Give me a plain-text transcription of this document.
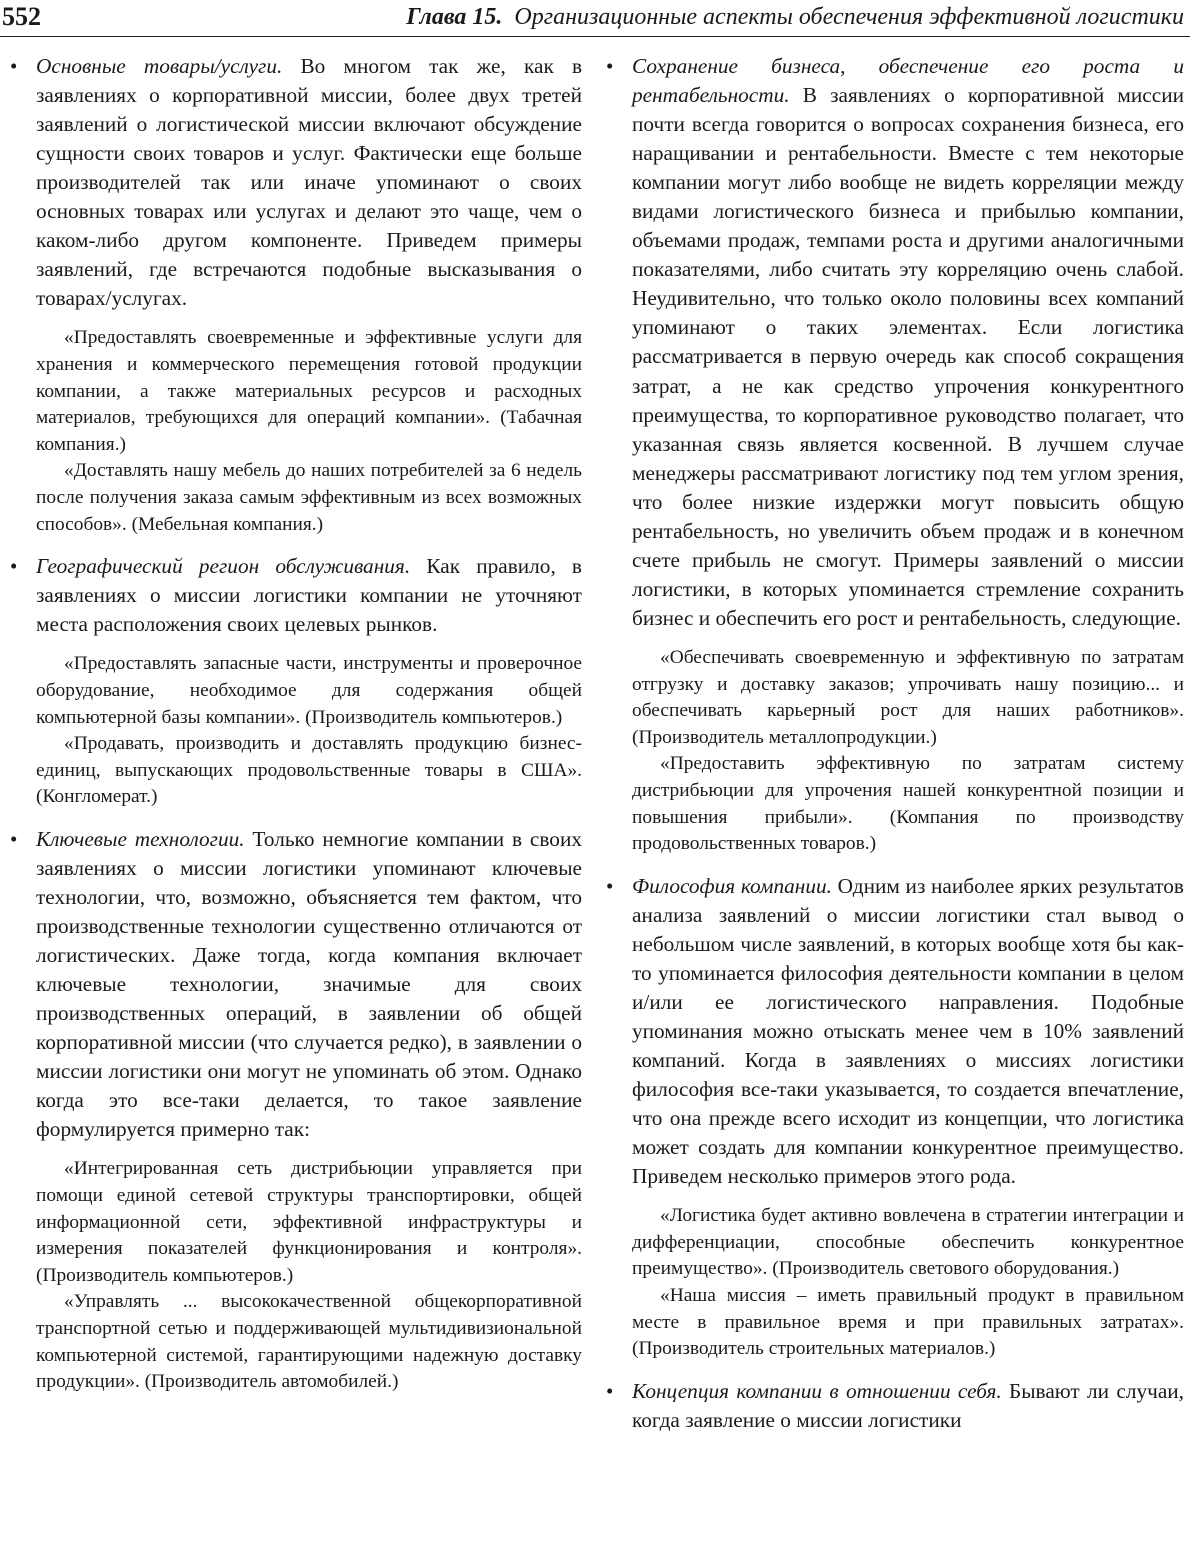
552	Глава 15. Организационные аспекты обеспечения эффективной логистики

• Основные товары/услуги. Во многом так же, как в заявлениях о корпоративной миссии, более двух третей заявлений о логистической миссии включают обсуждение сущности своих товаров и услуг. Фактически еще больше производителей так или иначе упоминают о своих основных товарах или услугах и делают это чаще, чем о каком-либо другом компоненте. Приведем примеры заявлений, где встречаются подобные высказывания о товарах/услугах.

«Предоставлять своевременные и эффективные услуги для хранения и коммерческого перемещения готовой продукции компании, а также материальных ресурсов и расходных материалов, требующихся для операций компании». (Табачная компания.)

«Доставлять нашу мебель до наших потребителей за 6 недель после получения заказа самым эффективным из всех возможных способов». (Мебельная компания.)

• Географический регион обслуживания. Как правило, в заявлениях о миссии логистики компании не уточняют места расположения своих целевых рынков.

«Предоставлять запасные части, инструменты и проверочное оборудование, необходимое для содержания общей компьютерной базы компании». (Производитель компьютеров.)

«Продавать, производить и доставлять продукцию бизнес-единиц, выпускающих продовольственные товары в США». (Конгломерат.)

• Ключевые технологии. Только немногие компании в своих заявлениях о миссии логистики упоминают ключевые технологии, что, возможно, объясняется тем фактом, что производственные технологии существенно отличаются от логистических. Даже тогда, когда компания включает ключевые технологии, значимые для своих производственных операций, в заявлении об общей корпоративной миссии (что случается редко), в заявлении о миссии логистики они могут не упоминать об этом. Однако когда это все-таки делается, то такое заявление формулируется примерно так:

«Интегрированная сеть дистрибьюции управляется при помощи единой сетевой структуры транспортировки, общей информационной сети, эффективной инфраструктуры и измерения показателей функционирования и контроля». (Производитель компьютеров.)

«Управлять ... высококачественной общекорпоративной транспортной сетью и поддерживающей мультидивизиональной компьютерной системой, гарантирующими надежную доставку продукции». (Производитель автомобилей.)

• Сохранение бизнеса, обеспечение его роста и рентабельности. В заявлениях о корпоративной миссии почти всегда говорится о вопросах сохранения бизнеса, его наращивании и рентабельности. Вместе с тем некоторые компании могут либо вообще не видеть корреляции между видами логистического бизнеса и прибылью компании, объемами продаж, темпами роста и другими аналогичными показателями, либо считать эту корреляцию очень слабой. Неудивительно, что только около половины всех компаний упоминают о таких элементах. Если логистика рассматривается в первую очередь как способ сокращения затрат, а не как средство упрочения конкурентного преимущества, то корпоративное руководство полагает, что указанная связь является косвенной. В лучшем случае менеджеры рассматривают логистику под тем углом зрения, что более низкие издержки могут повысить общую рентабельность, но увеличить объем продаж и в конечном счете прибыль не смогут. Примеры заявлений о миссии логистики, в которых упоминается стремление сохранить бизнес и обеспечить его рост и рентабельность, следующие.

«Обеспечивать своевременную и эффективную по затратам отгрузку и доставку заказов; упрочивать нашу позицию... и обеспечивать карьерный рост для наших работников». (Производитель металлопродукции.)

«Предоставить эффективную по затратам систему дистрибьюции для упрочения нашей конкурентной позиции и повышения прибыли». (Компания по производству продовольственных товаров.)

• Философия компании. Одним из наиболее ярких результатов анализа заявлений о миссии логистики стал вывод о небольшом числе заявлений, в которых вообще хотя бы как-то упоминается философия деятельности компании в целом и/или ее логистического направления. Подобные упоминания можно отыскать менее чем в 10% заявлений компаний. Когда в заявлениях о миссиях логистики философия все-таки указывается, то создается впечатление, что она прежде всего исходит из концепции, что логистика может создать для компании конкурентное преимущество. Приведем несколько примеров этого рода.

«Логистика будет активно вовлечена в стратегии интеграции и дифференциации, способные обеспечить конкурентное преимущество». (Производитель светового оборудования.)

«Наша миссия – иметь правильный продукт в правильном месте в правильное время и при правильных затратах». (Производитель строительных материалов.)

• Концепция компании в отношении себя. Бывают ли случаи, когда заявление о миссии логистики
